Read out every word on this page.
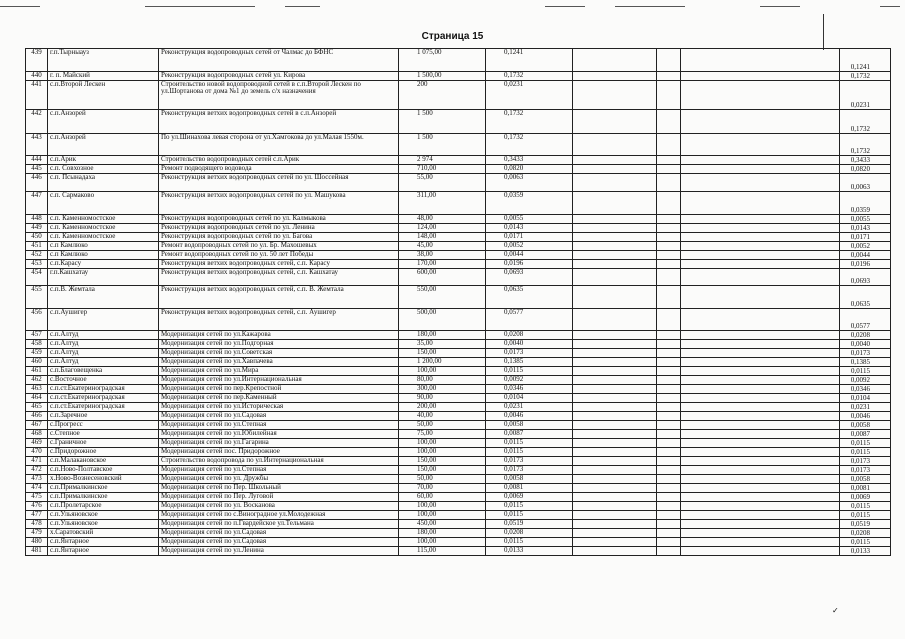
Страница 15
439	г.п.Тырныауз	Реконструкция водопроводных сетей от Чалмас до БФНС	1 075,00	0,1241				0,1241
440	г. п. Майский	Реконструкция водопроводных сетей ул. Кирова	1 500,00	0,1732				0,1732
441	с.п.Второй Лескен	Строительство новой водопроводной сетей в с.п.Второй Лескен по ул.Шортанова от дома №1 до земель с/х назначения	200	0,0231				0,0231
442	с.п.Анзорей	Реконструкция ветхих водопроводных сетей в с.п.Анзорей	1 500	0,1732				0,1732
443	с.п.Анзорей	По ул.Шинахова левая сторона от ул.Хамгокова до ул.Малая 1550м.	1 500	0,1732				0,1732
444	с.п.Арик	Строительство водопроводных сетей с.п.Арик	2 974	0,3433				0,3433
445	с.п. Совхозное	Ремонт подводящего водовода	710,00	0,0820				0,0820
446	с.п. Псынадаха	Реконструкция ветхих водопроводных сетей по ул. Шоссейная	55,00	0,0063				0,0063
447	с.п. Сармаково	Реконструкция ветхих водопроводных сетей по ул. Машукова	311,00	0,0359				0,0359
448	с.п. Каменномостское	Реконструкция водопроводных сетей по ул. Калмыкова	48,00	0,0055				0,0055
449	с.п. Каменномостское	Реконструкция водопроводных сетей по ул. Ленина	124,00	0,0143				0,0143
450	с.п. Каменномостское	Реконструкция водопроводных сетей по ул. Багова	148,00	0,0171				0,0171
451	с.п Камлюко	Ремонт водопроводных сетей по ул. Бр. Махошевых	45,00	0,0052				0,0052
452	с.п Камлюко	Ремонт водопроводных сетей по ул. 50 лет Победы	38,00	0,0044				0,0044
453	с.п.Карасу	Реконструкция ветхих водопроводных сетей, с.п. Карасу	170,00	0,0196				0,0196
454	г.п.Кашхатау	Реконструкция ветхих водопроводных сетей, с.п. Кашхатау	600,00	0,0693				0,0693
455	с.п.В. Жемтала	Реконструкция ветхих водопроводных сетей, с.п. В. Жемтала	550,00	0,0635				0,0635
456	с.п.Аушигер	Реконструкция ветхих водопроводных сетей, с.п. Аушигер	500,00	0,0577				0,0577
457	с.п.Алтуд	Модернизация сетей по ул.Кажарова	180,00	0,0208				0,0208
458	с.п.Алтуд	Модернизация сетей по ул.Подгорная	35,00	0,0040				0,0040
459	с.п.Алтуд	Модернизация сетей по ул.Советская	150,00	0,0173				0,0173
460	с.п.Алтуд	Модернизация сетей по ул.Хавпачева	1 200,00	0,1385				0,1385
461	с.п.Благовещенка	Модернизация сетей по ул.Мира	100,00	0,0115				0,0115
462	с.Восточное	Модернизация сетей по ул.Интернациональная	80,00	0,0092				0,0092
463	с.п.ст.Екатериноградская	Модернизация сетей по пер.Крепостной	300,00	0,0346				0,0346
464	с.п.ст.Екатериноградская	Модернизация сетей по пер.Каменный	90,00	0,0104				0,0104
465	с.п.ст.Екатериноградская	Модернизация сетей по ул.Историческая	200,00	0,0231				0,0231
466	с.п.Заречное	Модернизация сетей по ул.Садовая	40,00	0,0046				0,0046
467	с.Прогресс	Модернизация сетей по ул.Степная	50,00	0,0058				0,0058
468	с.Степное	Модернизация сетей по ул.Юбилейная	75,00	0,0087				0,0087
469	с.Граничное	Модернизация сетей по ул.Гагарина	100,00	0,0115				0,0115
470	с.Придорожное	Модернизация сетей пос. Придорожное	100,00	0,0115				0,0115
471	с.п.Малакановское	Строительство водопровода по ул.Интернациональная	150,00	0,0173				0,0173
472	с.п.Ново-Полтавское	Модернизация сетей по ул.Степная	150,00	0,0173				0,0173
473	х.Ново-Вознесеновский	Модернизация сетей по ул. Дружбы	50,00	0,0058				0,0058
474	с.п.Прималкинское	Модернизация сетей по Пер. Школьный	70,00	0,0081				0,0081
475	с.п.Прималкинское	Модернизация сетей по Пер. Луговой	60,00	0,0069				0,0069
476	с.п.Пролетарское	Модернизация сетей по ул. Восканова	100,00	0,0115				0,0115
477	с.п.Ульяновское	Модернизация сетей по с.Виноградное ул.Молодежная	100,00	0,0115				0,0115
478	с.п.Ульяновское	Модернизация сетей по п.Гвардейское ул.Тельмана	450,00	0,0519				0,0519
479	х.Саратовский	Модернизация сетей по ул.Садовая	180,00	0,0208				0,0208
480	с.п.Янтарное	Модернизация сетей по ул.Садовая	100,00	0,0115				0,0115
481	с.п.Янтарное	Модернизация сетей по ул.Ленина	115,00	0,0133				0,0133
✓
